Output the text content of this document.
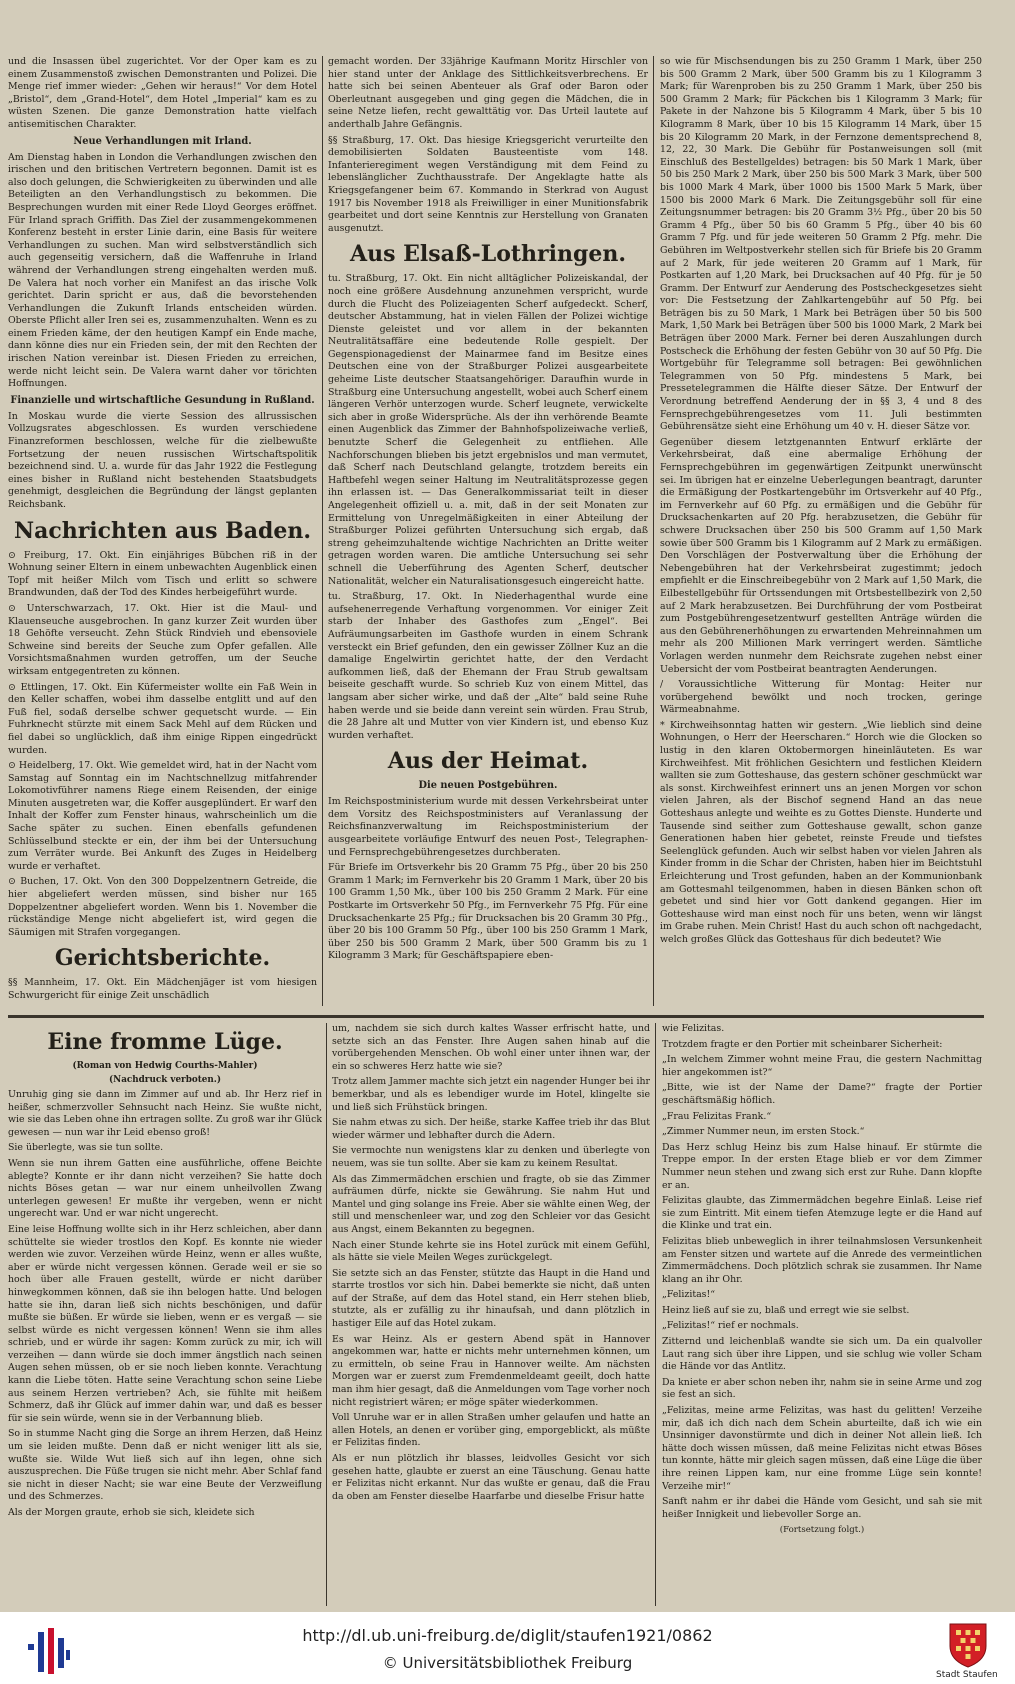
und die Insassen übel zugerichtet. Vor der Oper kam es zu einem Zusammenstoß zwischen Demonstranten und Polizei. Die Menge rief immer wieder: „Gehen wir heraus!“ Vor dem Hotel „Bristol“, dem „Grand-Hotel“, dem Hotel „Imperial“ kam es zu wüsten Szenen. Die ganze Demonstration hatte vielfach antisemitischen Charakter.

Neue Verhandlungen mit Irland.

Am Dienstag haben in London die Verhandlungen zwischen den irischen und den britischen Vertretern begonnen. Damit ist es also doch gelungen, die Schwierigkeiten zu überwinden und alle Beteiligten an den Verhandlungstisch zu bekommen. Die Besprechungen wurden mit einer Rede Lloyd Georges eröffnet. Für Irland sprach Griffith. Das Ziel der zusammengekommenen Konferenz besteht in erster Linie darin, eine Basis für weitere Verhandlungen zu suchen. Man wird selbstverständlich sich auch gegenseitig versichern, daß die Waffenruhe in Irland während der Verhandlungen streng eingehalten werden muß. De Valera hat noch vorher ein Manifest an das irische Volk gerichtet. Darin spricht er aus, daß die bevorstehenden Verhandlungen die Zukunft Irlands entscheiden würden. Oberste Pflicht aller Iren sei es, zusammenzuhalten. Wenn es zu einem Frieden käme, der den heutigen Kampf ein Ende mache, dann könne dies nur ein Frieden sein, der mit den Rechten der irischen Nation vereinbar ist. Diesen Frieden zu erreichen, werde nicht leicht sein. De Valera warnt daher vor törichten Hoffnungen.

Finanzielle und wirtschaftliche Gesundung in Rußland.

In Moskau wurde die vierte Session des allrussischen Vollzugsrates abgeschlossen. Es wurden verschiedene Finanzreformen beschlossen, welche für die zielbewußte Fortsetzung der neuen russischen Wirtschaftspolitik bezeichnend sind. U. a. wurde für das Jahr 1922 die Festlegung eines bisher in Rußland nicht bestehenden Staatsbudgets genehmigt, desgleichen die Begründung der längst geplanten Reichsbank.

Nachrichten aus Baden.

⊙ Freiburg, 17. Okt. Ein einjähriges Bübchen riß in der Wohnung seiner Eltern in einem unbewachten Augenblick einen Topf mit heißer Milch vom Tisch und erlitt so schwere Brandwunden, daß der Tod des Kindes herbeigeführt wurde.

⊙ Unterschwarzach, 17. Okt. Hier ist die Maul- und Klauenseuche ausgebrochen. In ganz kurzer Zeit wurden über 18 Gehöfte verseucht. Zehn Stück Rindvieh und ebensoviele Schweine sind bereits der Seuche zum Opfer gefallen. Alle Vorsichtsmaßnahmen wurden getroffen, um der Seuche wirksam entgegentreten zu können.

⊙ Ettlingen, 17. Okt. Ein Küfermeister wollte ein Faß Wein in den Keller schaffen, wobei ihm dasselbe entglitt und auf den Fuß fiel, sodaß derselbe schwer gequetscht wurde. — Ein Fuhrknecht stürzte mit einem Sack Mehl auf dem Rücken und fiel dabei so unglücklich, daß ihm einige Rippen eingedrückt wurden.

⊙ Heidelberg, 17. Okt. Wie gemeldet wird, hat in der Nacht vom Samstag auf Sonntag ein im Nachtschnellzug mitfahrender Lokomotivführer namens Riege einem Reisenden, der einige Minuten ausgetreten war, die Koffer ausgeplündert. Er warf den Inhalt der Koffer zum Fenster hinaus, wahrscheinlich um die Sache später zu suchen. Einen ebenfalls gefundenen Schlüsselbund steckte er ein, der ihm bei der Untersuchung zum Verräter wurde. Bei Ankunft des Zuges in Heidelberg wurde er verhaftet.

⊙ Buchen, 17. Okt. Von den 300 Doppelzentnern Getreide, die hier abgeliefert werden müssen, sind bisher nur 165 Doppelzentner abgeliefert worden. Wenn bis 1. November die rückständige Menge nicht abgeliefert ist, wird gegen die Säumigen mit Strafen vorgegangen.

Gerichtsberichte.

§§ Mannheim, 17. Okt. Ein Mädchenjäger ist vom hiesigen Schwurgericht für einige Zeit unschädlich

gemacht worden. Der 33jährige Kaufmann Moritz Hirschler von hier stand unter der Anklage des Sittlichkeitsverbrechens. Er hatte sich bei seinen Abenteuer als Graf oder Baron oder Oberleutnant ausgegeben und ging gegen die Mädchen, die in seine Netze liefen, recht gewalttätig vor. Das Urteil lautete auf anderthalb Jahre Gefängnis.

§§ Straßburg, 17. Okt. Das hiesige Kriegsgericht verurteilte den demobilisierten Soldaten Bausteentiste vom 148. Infanterieregiment wegen Verständigung mit dem Feind zu lebenslänglicher Zuchthausstrafe. Der Angeklagte hatte als Kriegsgefangener beim 67. Kommando in Sterkrad von August 1917 bis November 1918 als Freiwilliger in einer Munitionsfabrik gearbeitet und dort seine Kenntnis zur Herstellung von Granaten ausgenutzt.

Aus Elsaß-Lothringen.

tu. Straßburg, 17. Okt. Ein nicht alltäglicher Polizeiskandal, der noch eine größere Ausdehnung anzunehmen verspricht, wurde durch die Flucht des Polizeiagenten Scherf aufgedeckt. Scherf, deutscher Abstammung, hat in vielen Fällen der Polizei wichtige Dienste geleistet und vor allem in der bekannten Neutralitätsaffäre eine bedeutende Rolle gespielt. Der Gegenspionagedienst der Mainarmee fand im Besitze eines Deutschen eine von der Straßburger Polizei ausgearbeitete geheime Liste deutscher Staatsangehöriger. Daraufhin wurde in Straßburg eine Untersuchung angestellt, wobei auch Scherf einem längeren Verhör unterzogen wurde. Scherf leugnete, verwickelte sich aber in große Widersprüche. Als der ihn verhörende Beamte einen Augenblick das Zimmer der Bahnhofspolizeiwache verließ, benutzte Scherf die Gelegenheit zu entfliehen. Alle Nachforschungen blieben bis jetzt ergebnislos und man vermutet, daß Scherf nach Deutschland gelangte, trotzdem bereits ein Haftbefehl wegen seiner Haltung im Neutralitätsprozesse gegen ihn erlassen ist. — Das Generalkommissariat teilt in dieser Angelegenheit offiziell u. a. mit, daß in der seit Monaten zur Ermittelung von Unregelmäßigkeiten in einer Abteilung der Straßburger Polizei geführten Untersuchung sich ergab, daß streng geheimzuhaltende wichtige Nachrichten an Dritte weiter getragen worden waren. Die amtliche Untersuchung sei sehr schnell die Ueberführung des Agenten Scherf, deutscher Nationalität, welcher ein Naturalisationsgesuch eingereicht hatte.

tu. Straßburg, 17. Okt. In Niederhagenthal wurde eine aufsehenerregende Verhaftung vorgenommen. Vor einiger Zeit starb der Inhaber des Gasthofes zum „Engel“. Bei Aufräumungsarbeiten im Gasthofe wurden in einem Schrank versteckt ein Brief gefunden, den ein gewisser Zöllner Kuz an die damalige Engelwirtin gerichtet hatte, der den Verdacht aufkommen ließ, daß der Ehemann der Frau Strub gewaltsam beiseite geschafft wurde. So schrieb Kuz von einem Mittel, das langsam aber sicher wirke, und daß der „Alte“ bald seine Ruhe haben werde und sie beide dann vereint sein würden. Frau Strub, die 28 Jahre alt und Mutter von vier Kindern ist, und ebenso Kuz wurden verhaftet.

Aus der Heimat.
Die neuen Postgebühren.

Im Reichspostministerium wurde mit dessen Verkehrsbeirat unter dem Vorsitz des Reichspostministers auf Veranlassung der Reichsfinanzverwaltung im Reichspostministerium der ausgearbeitete vorläufige Entwurf des neuen Post-, Telegraphen- und Fernsprechgebührengesetzes durchberaten.

Für Briefe im Ortsverkehr bis 20 Gramm 75 Pfg., über 20 bis 250 Gramm 1 Mark; im Fernverkehr bis 20 Gramm 1 Mark, über 20 bis 100 Gramm 1,50 Mk., über 100 bis 250 Gramm 2 Mark. Für eine Postkarte im Ortsverkehr 50 Pfg., im Fernverkehr 75 Pfg. Für eine Drucksachenkarte 25 Pfg.; für Drucksachen bis 20 Gramm 30 Pfg., über 20 bis 100 Gramm 50 Pfg., über 100 bis 250 Gramm 1 Mark, über 250 bis 500 Gramm 2 Mark, über 500 Gramm bis zu 1 Kilogramm 3 Mark; für Geschäftspapiere eben-

so wie für Mischsendungen bis zu 250 Gramm 1 Mark, über 250 bis 500 Gramm 2 Mark, über 500 Gramm bis zu 1 Kilogramm 3 Mark; für Warenproben bis zu 250 Gramm 1 Mark, über 250 bis 500 Gramm 2 Mark; für Päckchen bis 1 Kilogramm 3 Mark; für Pakete in der Nahzone bis 5 Kilogramm 4 Mark, über 5 bis 10 Kilogramm 8 Mark, über 10 bis 15 Kilogramm 14 Mark, über 15 bis 20 Kilogramm 20 Mark, in der Fernzone dementsprechend 8, 12, 22, 30 Mark. Die Gebühr für Postanweisungen soll (mit Einschluß des Bestellgeldes) betragen: bis 50 Mark 1 Mark, über 50 bis 250 Mark 2 Mark, über 250 bis 500 Mark 3 Mark, über 500 bis 1000 Mark 4 Mark, über 1000 bis 1500 Mark 5 Mark, über 1500 bis 2000 Mark 6 Mark. Die Zeitungsgebühr soll für eine Zeitungsnummer betragen: bis 20 Gramm 3½ Pfg., über 20 bis 50 Gramm 4 Pfg., über 50 bis 60 Gramm 5 Pfg., über 40 bis 60 Gramm 7 Pfg. und für jede weiteren 50 Gramm 2 Pfg. mehr. Die Gebühren im Weltpostverkehr stellen sich für Briefe bis 20 Gramm auf 2 Mark, für jede weiteren 20 Gramm auf 1 Mark, für Postkarten auf 1,20 Mark, bei Drucksachen auf 40 Pfg. für je 50 Gramm. Der Entwurf zur Aenderung des Postscheckgesetzes sieht vor: Die Festsetzung der Zahlkartengebühr auf 50 Pfg. bei Beträgen bis zu 50 Mark, 1 Mark bei Beträgen über 50 bis 500 Mark, 1,50 Mark bei Beträgen über 500 bis 1000 Mark, 2 Mark bei Beträgen über 2000 Mark. Ferner bei deren Auszahlungen durch Postscheck die Erhöhung der festen Gebühr von 30 auf 50 Pfg. Die Wortgebühr für Telegramme soll betragen: Bei gewöhnlichen Telegrammen von 50 Pfg. mindestens 5 Mark, bei Pressetelegrammen die Hälfte dieser Sätze. Der Entwurf der Verordnung betreffend Aenderung der in §§ 3, 4 und 8 des Fernsprechgebührengesetzes vom 11. Juli bestimmten Gebührensätze sieht eine Erhöhung um 40 v. H. dieser Sätze vor.

Gegenüber diesem letztgenannten Entwurf erklärte der Verkehrsbeirat, daß eine abermalige Erhöhung der Fernsprechgebühren im gegenwärtigen Zeitpunkt unerwünscht sei. Im übrigen hat er einzelne Ueberlegungen beantragt, darunter die Ermäßigung der Postkartengebühr im Ortsverkehr auf 40 Pfg., im Fernverkehr auf 60 Pfg. zu ermäßigen und die Gebühr für Drucksachenkarten auf 20 Pfg. herabzusetzen, die Gebühr für schwere Drucksachen über 250 bis 500 Gramm auf 1,50 Mark sowie über 500 Gramm bis 1 Kilogramm auf 2 Mark zu ermäßigen. Den Vorschlägen der Postverwaltung über die Erhöhung der Nebengebühren hat der Verkehrsbeirat zugestimmt; jedoch empfiehlt er die Einschreibegebühr von 2 Mark auf 1,50 Mark, die Eilbestellgebühr für Ortssendungen mit Ortsbestellbezirk von 2,50 auf 2 Mark herabzusetzen. Bei Durchführung der vom Postbeirat zum Postgebührengesetzentwurf gestellten Anträge würden die aus den Gebührenerhöhungen zu erwartenden Mehreinnahmen um mehr als 200 Millionen Mark verringert werden. Sämtliche Vorlagen werden nunmehr dem Reichsrate zugehen nebst einer Uebersicht der vom Postbeirat beantragten Aenderungen.

/ Voraussichtliche Witterung für Montag: Heiter nur vorübergehend bewölkt und noch trocken, geringe Wärmeabnahme.

* Kirchweihsonntag hatten wir gestern. „Wie lieblich sind deine Wohnungen, o Herr der Heerscharen.“ Horch wie die Glocken so lustig in den klaren Oktobermorgen hineinläuteten. Es war Kirchweihfest. Mit fröhlichen Gesichtern und festlichen Kleidern wallten sie zum Gotteshause, das gestern schöner geschmückt war als sonst. Kirchweihfest erinnert uns an jenen Morgen vor schon vielen Jahren, als der Bischof segnend Hand an das neue Gotteshaus anlegte und weihte es zu Gottes Dienste. Hunderte und Tausende sind seither zum Gotteshause gewallt, schon ganze Generationen haben hier gebetet, reinste Freude und tiefstes Seelenglück gefunden. Auch wir selbst haben vor vielen Jahren als Kinder fromm in die Schar der Christen, haben hier im Beichtstuhl Erleichterung und Trost gefunden, haben an der Kommunionbank am Gottesmahl teilgenommen, haben in diesen Bänken schon oft gebetet und sind hier vor Gott dankend gegangen. Hier im Gotteshause wird man einst noch für uns beten, wenn wir längst im Grabe ruhen. Mein Christ! Hast du auch schon oft nachgedacht, welch großes Glück das Gotteshaus für dich bedeutet? Wie

Eine fromme Lüge.

(Roman von Hedwig Courths-Mahler)

(Nachdruck verboten.)

Unruhig ging sie dann im Zimmer auf und ab. Ihr Herz rief in heißer, schmerzvoller Sehnsucht nach Heinz. Sie wußte nicht, wie sie das Leben ohne ihn ertragen sollte. Zu groß war ihr Glück gewesen — nun war ihr Leid ebenso groß!

Sie überlegte, was sie tun sollte.

Wenn sie nun ihrem Gatten eine ausführliche, offene Beichte ablegte? Konnte er ihr dann nicht verzeihen? Sie hatte doch nichts Böses getan — war nur einem unheilvollen Zwang unterlegen gewesen! Er mußte ihr vergeben, wenn er nicht ungerecht war. Und er war nicht ungerecht.

Eine leise Hoffnung wollte sich in ihr Herz schleichen, aber dann schüttelte sie wieder trostlos den Kopf. Es konnte nie wieder werden wie zuvor. Verzeihen würde Heinz, wenn er alles wußte, aber er würde nicht vergessen können. Gerade weil er sie so hoch über alle Frauen gestellt, würde er nicht darüber hinwegkommen können, daß sie ihn belogen hatte. Und belogen hatte sie ihn, daran ließ sich nichts beschönigen, und dafür mußte sie büßen. Er würde sie lieben, wenn er es vergaß — sie selbst würde es nicht vergessen können! Wenn sie ihm alles schrieb, und er würde ihr sagen: Komm zurück zu mir, ich will verzeihen — dann würde sie doch immer ängstlich nach seinen Augen sehen müssen, ob er sie noch lieben konnte. Verachtung kann die Liebe töten. Hatte seine Verachtung schon seine Liebe aus seinem Herzen vertrieben? Ach, sie fühlte mit heißem Schmerz, daß ihr Glück auf immer dahin war, und daß es besser für sie sein würde, wenn sie in der Verbannung blieb.

So in stumme Nacht ging die Sorge an ihrem Herzen, daß Heinz um sie leiden mußte. Denn daß er nicht weniger litt als sie, wußte sie. Wilde Wut ließ sich auf ihn legen, ohne sich auszusprechen. Die Füße trugen sie nicht mehr. Aber Schlaf fand sie nicht in dieser Nacht; sie war eine Beute der Verzweiflung und des Schmerzes.

Als der Morgen graute, erhob sie sich, kleidete sich

um, nachdem sie sich durch kaltes Wasser erfrischt hatte, und setzte sich an das Fenster. Ihre Augen sahen hinab auf die vorübergehenden Menschen. Ob wohl einer unter ihnen war, der ein so schweres Herz hatte wie sie?

Trotz allem Jammer machte sich jetzt ein nagender Hunger bei ihr bemerkbar, und als es lebendiger wurde im Hotel, klingelte sie und ließ sich Frühstück bringen.

Sie nahm etwas zu sich. Der heiße, starke Kaffee trieb ihr das Blut wieder wärmer und lebhafter durch die Adern.

Sie vermochte nun wenigstens klar zu denken und überlegte von neuem, was sie tun sollte. Aber sie kam zu keinem Resultat.

Als das Zimmermädchen erschien und fragte, ob sie das Zimmer aufräumen dürfe, nickte sie Gewährung. Sie nahm Hut und Mantel und ging solange ins Freie. Aber sie wählte einen Weg, der still und menschenleer war, und zog den Schleier vor das Gesicht aus Angst, einem Bekannten zu begegnen.

Nach einer Stunde kehrte sie ins Hotel zurück mit einem Gefühl, als hätte sie viele Meilen Weges zurückgelegt.

Sie setzte sich an das Fenster, stützte das Haupt in die Hand und starrte trostlos vor sich hin. Dabei bemerkte sie nicht, daß unten auf der Straße, auf dem das Hotel stand, ein Herr stehen blieb, stutzte, als er zufällig zu ihr hinaufsah, und dann plötzlich in hastiger Eile auf das Hotel zukam.

Es war Heinz. Als er gestern Abend spät in Hannover angekommen war, hatte er nichts mehr unternehmen können, um zu ermitteln, ob seine Frau in Hannover weilte. Am nächsten Morgen war er zuerst zum Fremdenmeldeamt geeilt, doch hatte man ihm hier gesagt, daß die Anmeldungen vom Tage vorher noch nicht registriert wären; er möge später wiederkommen.

Voll Unruhe war er in allen Straßen umher gelaufen und hatte an allen Hotels, an denen er vorüber ging, emporgeblickt, als müßte er Felizitas finden.

Als er nun plötzlich ihr blasses, leidvolles Gesicht vor sich gesehen hatte, glaubte er zuerst an eine Täuschung. Genau hatte er Felizitas nicht erkannt. Nur das wußte er genau, daß die Frau da oben am Fenster dieselbe Haarfarbe und dieselbe Frisur hatte

wie Felizitas.

Trotzdem fragte er den Portier mit scheinbarer Sicherheit:

„In welchem Zimmer wohnt meine Frau, die gestern Nachmittag hier angekommen ist?“

„Bitte, wie ist der Name der Dame?“ fragte der Portier geschäftsmäßig höflich.

„Frau Felizitas Frank.“

„Zimmer Nummer neun, im ersten Stock.“

Das Herz schlug Heinz bis zum Halse hinauf. Er stürmte die Treppe empor. In der ersten Etage blieb er vor dem Zimmer Nummer neun stehen und zwang sich erst zur Ruhe. Dann klopfte er an.

Felizitas glaubte, das Zimmermädchen begehre Einlaß. Leise rief sie zum Eintritt. Mit einem tiefen Atemzuge legte er die Hand auf die Klinke und trat ein.

Felizitas blieb unbeweglich in ihrer teilnahmslosen Versunkenheit am Fenster sitzen und wartete auf die Anrede des vermeintlichen Zimmermädchens. Doch plötzlich schrak sie zusammen. Ihr Name klang an ihr Ohr.

„Felizitas!“

Heinz ließ auf sie zu, blaß und erregt wie sie selbst.

„Felizitas!“ rief er nochmals.

Zitternd und leichenblaß wandte sie sich um. Da ein qualvoller Laut rang sich über ihre Lippen, und sie schlug wie voller Scham die Hände vor das Antlitz.

Da kniete er aber schon neben ihr, nahm sie in seine Arme und zog sie fest an sich.

„Felizitas, meine arme Felizitas, was hast du gelitten! Verzeihe mir, daß ich dich nach dem Schein aburteilte, daß ich wie ein Unsinniger davonstürmte und dich in deiner Not allein ließ. Ich hätte doch wissen müssen, daß meine Felizitas nicht etwas Böses tun konnte, hätte mir gleich sagen müssen, daß eine Lüge die über ihre reinen Lippen kam, nur eine fromme Lüge sein konnte! Verzeihe mir!“

Sanft nahm er ihr dabei die Hände vom Gesicht, und sah sie mit heißer Innigkeit und liebevoller Sorge an.

(Fortsetzung folgt.)

http://dl.ub.uni-freiburg.de/diglit/staufen1921/0862
© Universitätsbibliothek Freiburg
Stadt Staufen
